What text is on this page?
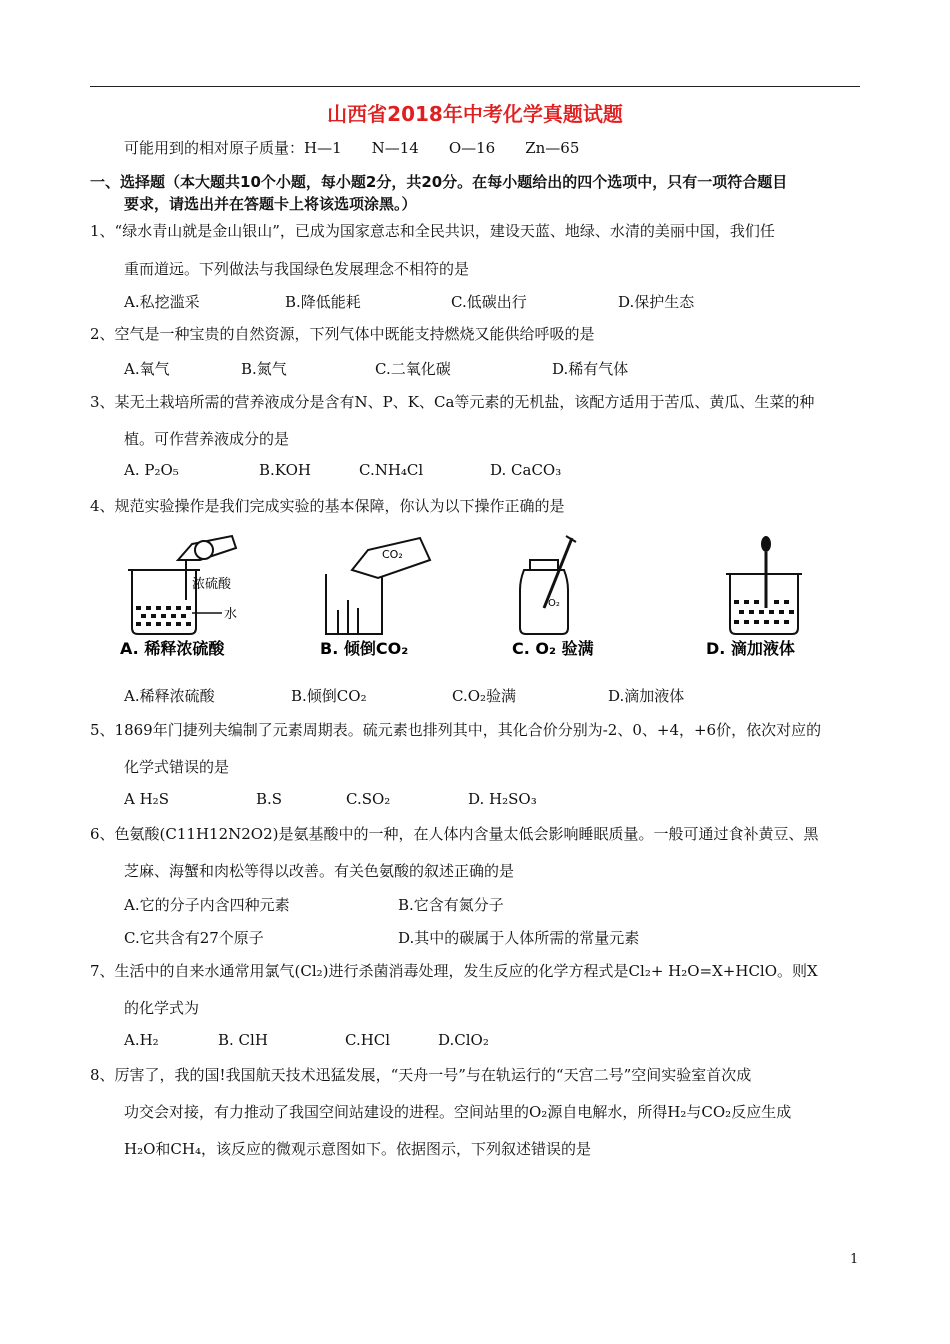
山西省2018年中考化学真题试题
可能用到的相对原子质量：H—1　　N—14　　O—16　　Zn—65
一、选择题（本大题共10个小题，每小题2分，共20分。在每小题给出的四个选项中，只有一项符合题目
要求，请选出并在答题卡上将该选项涂黑。）
1、“绿水青山就是金山银山”，已成为国家意志和全民共识，建设天蓝、地绿、水清的美丽中国，我们任
重而道远。下列做法与我国绿色发展理念不相符的是
A.私挖滥采	B.降低能耗	C.低碳出行	D.保护生态
2、空气是一种宝贵的自然资源，下列气体中既能支持燃烧又能供给呼吸的是
A.氧气	B.氮气	C.二氧化碳	D.稀有气体
3、某无土栽培所需的营养液成分是含有N、P、K、Ca等元素的无机盐，该配方适用于苦瓜、黄瓜、生菜的种
植。可作营养液成分的是
A. P₂O₅	B.KOH	C.NH₄Cl	D. CaCO₃
4、规范实验操作是我们完成实验的基本保障，你认为以下操作正确的是
浓硫酸
水
CO₂
O₂
A. 稀释浓硫酸	B. 倾倒CO₂	C. O₂ 验满	D. 滴加液体
A.稀释浓硫酸	B.倾倒CO₂	C.O₂验满	D.滴加液体
5、1869年门捷列夫编制了元素周期表。硫元素也排列其中，其化合价分别为-2、0、+4，+6价，依次对应的
化学式错误的是
A H₂S	B.S	C.SO₂	D. H₂SO₃
6、色氨酸(C11H12N2O2)是氨基酸中的一种，在人体内含量太低会影响睡眠质量。一般可通过食补黄豆、黑
芝麻、海蟹和肉松等得以改善。有关色氨酸的叙述正确的是
A.它的分子内含四种元素	B.它含有氮分子
C.它共含有27个原子	D.其中的碳属于人体所需的常量元素
7、生活中的自来水通常用氯气(Cl₂)进行杀菌消毒处理，发生反应的化学方程式是Cl₂+ H₂O=X+HClO。则X
的化学式为
A.H₂	B. ClH	C.HCl	D.ClO₂
8、厉害了，我的国!我国航天技术迅猛发展，“天舟一号”与在轨运行的“天宫二号”空间实验室首次成
功交会对接，有力推动了我国空间站建设的进程。空间站里的O₂源自电解水，所得H₂与CO₂反应生成
H₂O和CH₄，该反应的微观示意图如下。依据图示，下列叙述错误的是
1
